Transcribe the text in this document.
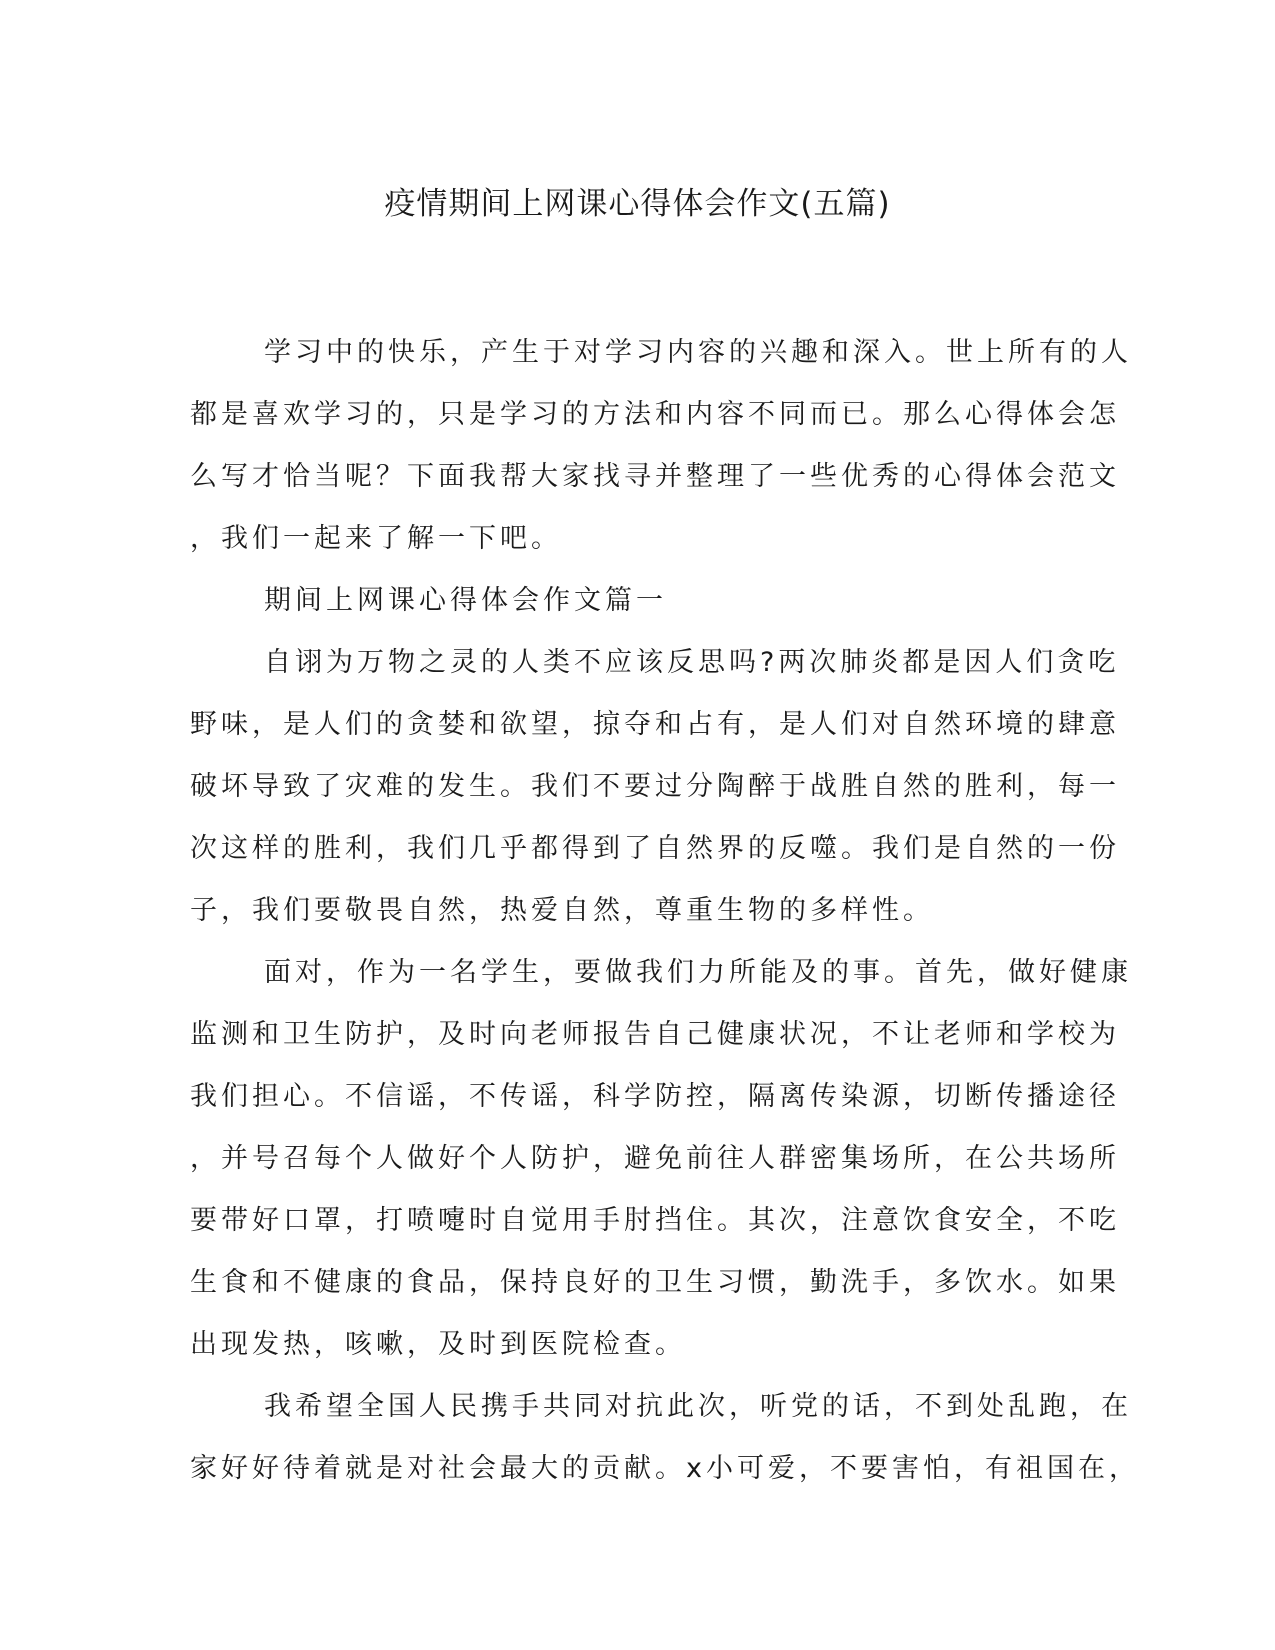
疫情期间上网课心得体会作文(五篇)

学习中的快乐，产生于对学习内容的兴趣和深入。世上所有的人
都是喜欢学习的，只是学习的方法和内容不同而已。那么心得体会怎
么写才恰当呢？下面我帮大家找寻并整理了一些优秀的心得体会范文
，我们一起来了解一下吧。

期间上网课心得体会作文篇一

自诩为万物之灵的人类不应该反思吗?两次肺炎都是因人们贪吃
野味，是人们的贪婪和欲望，掠夺和占有，是人们对自然环境的肆意
破坏导致了灾难的发生。我们不要过分陶醉于战胜自然的胜利，每一
次这样的胜利，我们几乎都得到了自然界的反噬。我们是自然的一份
子，我们要敬畏自然，热爱自然，尊重生物的多样性。

面对，作为一名学生，要做我们力所能及的事。首先，做好健康
监测和卫生防护，及时向老师报告自己健康状况，不让老师和学校为
我们担心。不信谣，不传谣，科学防控，隔离传染源，切断传播途径
，并号召每个人做好个人防护，避免前往人群密集场所，在公共场所
要带好口罩，打喷嚏时自觉用手肘挡住。其次，注意饮食安全，不吃
生食和不健康的食品，保持良好的卫生习惯，勤洗手，多饮水。如果
出现发热，咳嗽，及时到医院检查。

我希望全国人民携手共同对抗此次，听党的话，不到处乱跑，在
家好好待着就是对社会最大的贡献。x小可爱，不要害怕，有祖国在，
